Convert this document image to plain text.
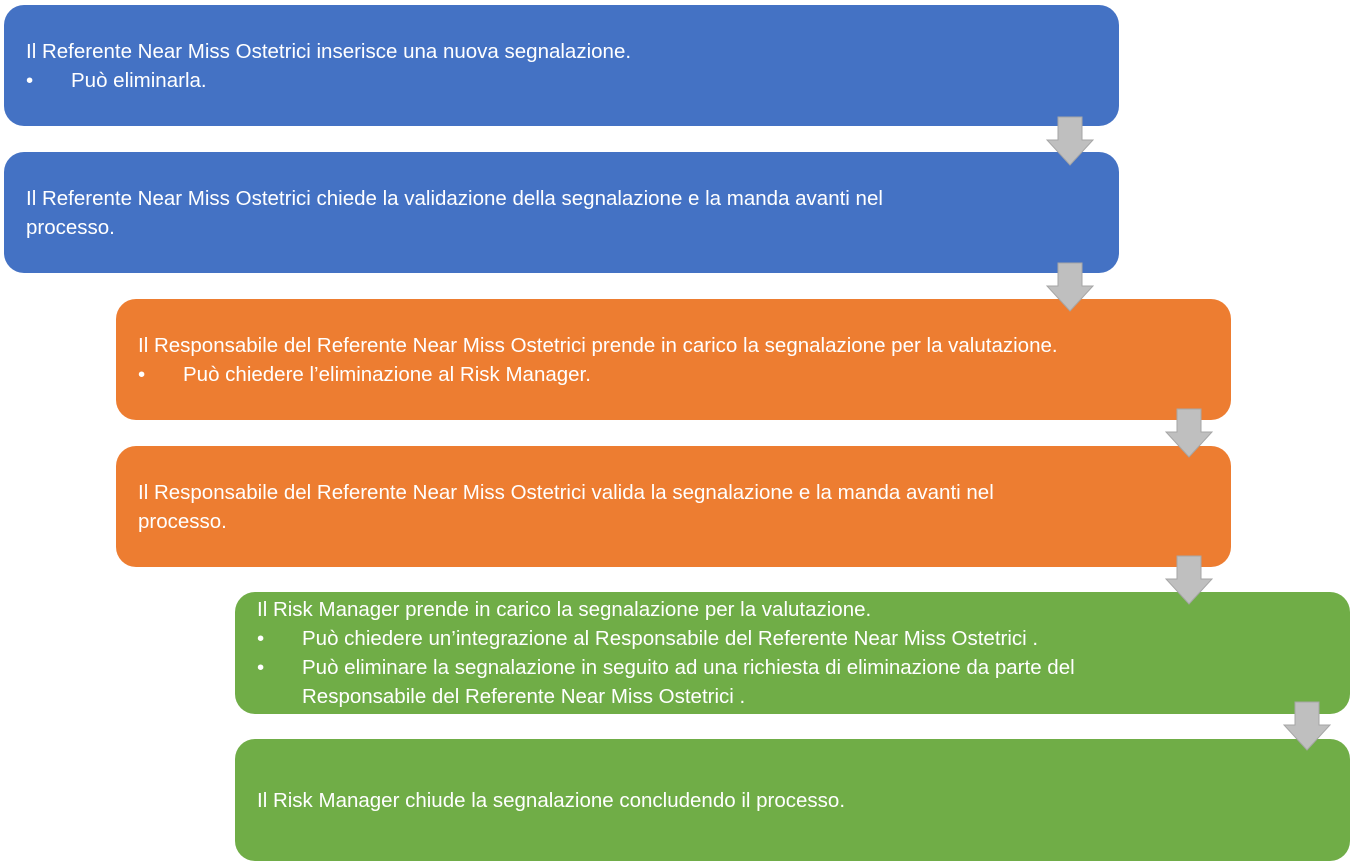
Il Referente Near Miss Ostetrici inserisce una nuova segnalazione.
•	Può eliminarla.
Il Referente Near Miss Ostetrici chiede la validazione della segnalazione e la manda avanti nel
processo.
Il Responsabile del Referente Near Miss Ostetrici prende in carico la segnalazione per la valutazione.
•	Può chiedere l’eliminazione al Risk Manager.
Il Responsabile del Referente Near Miss Ostetrici valida la segnalazione e la manda avanti nel
processo.
Il Risk Manager prende in carico la segnalazione per la valutazione.
•	Può chiedere un’integrazione al Responsabile del Referente Near Miss Ostetrici .
•	Può eliminare la segnalazione in seguito ad una richiesta di eliminazione da parte del
Responsabile del Referente Near Miss Ostetrici .
Il Risk Manager chiude la segnalazione concludendo il processo.
